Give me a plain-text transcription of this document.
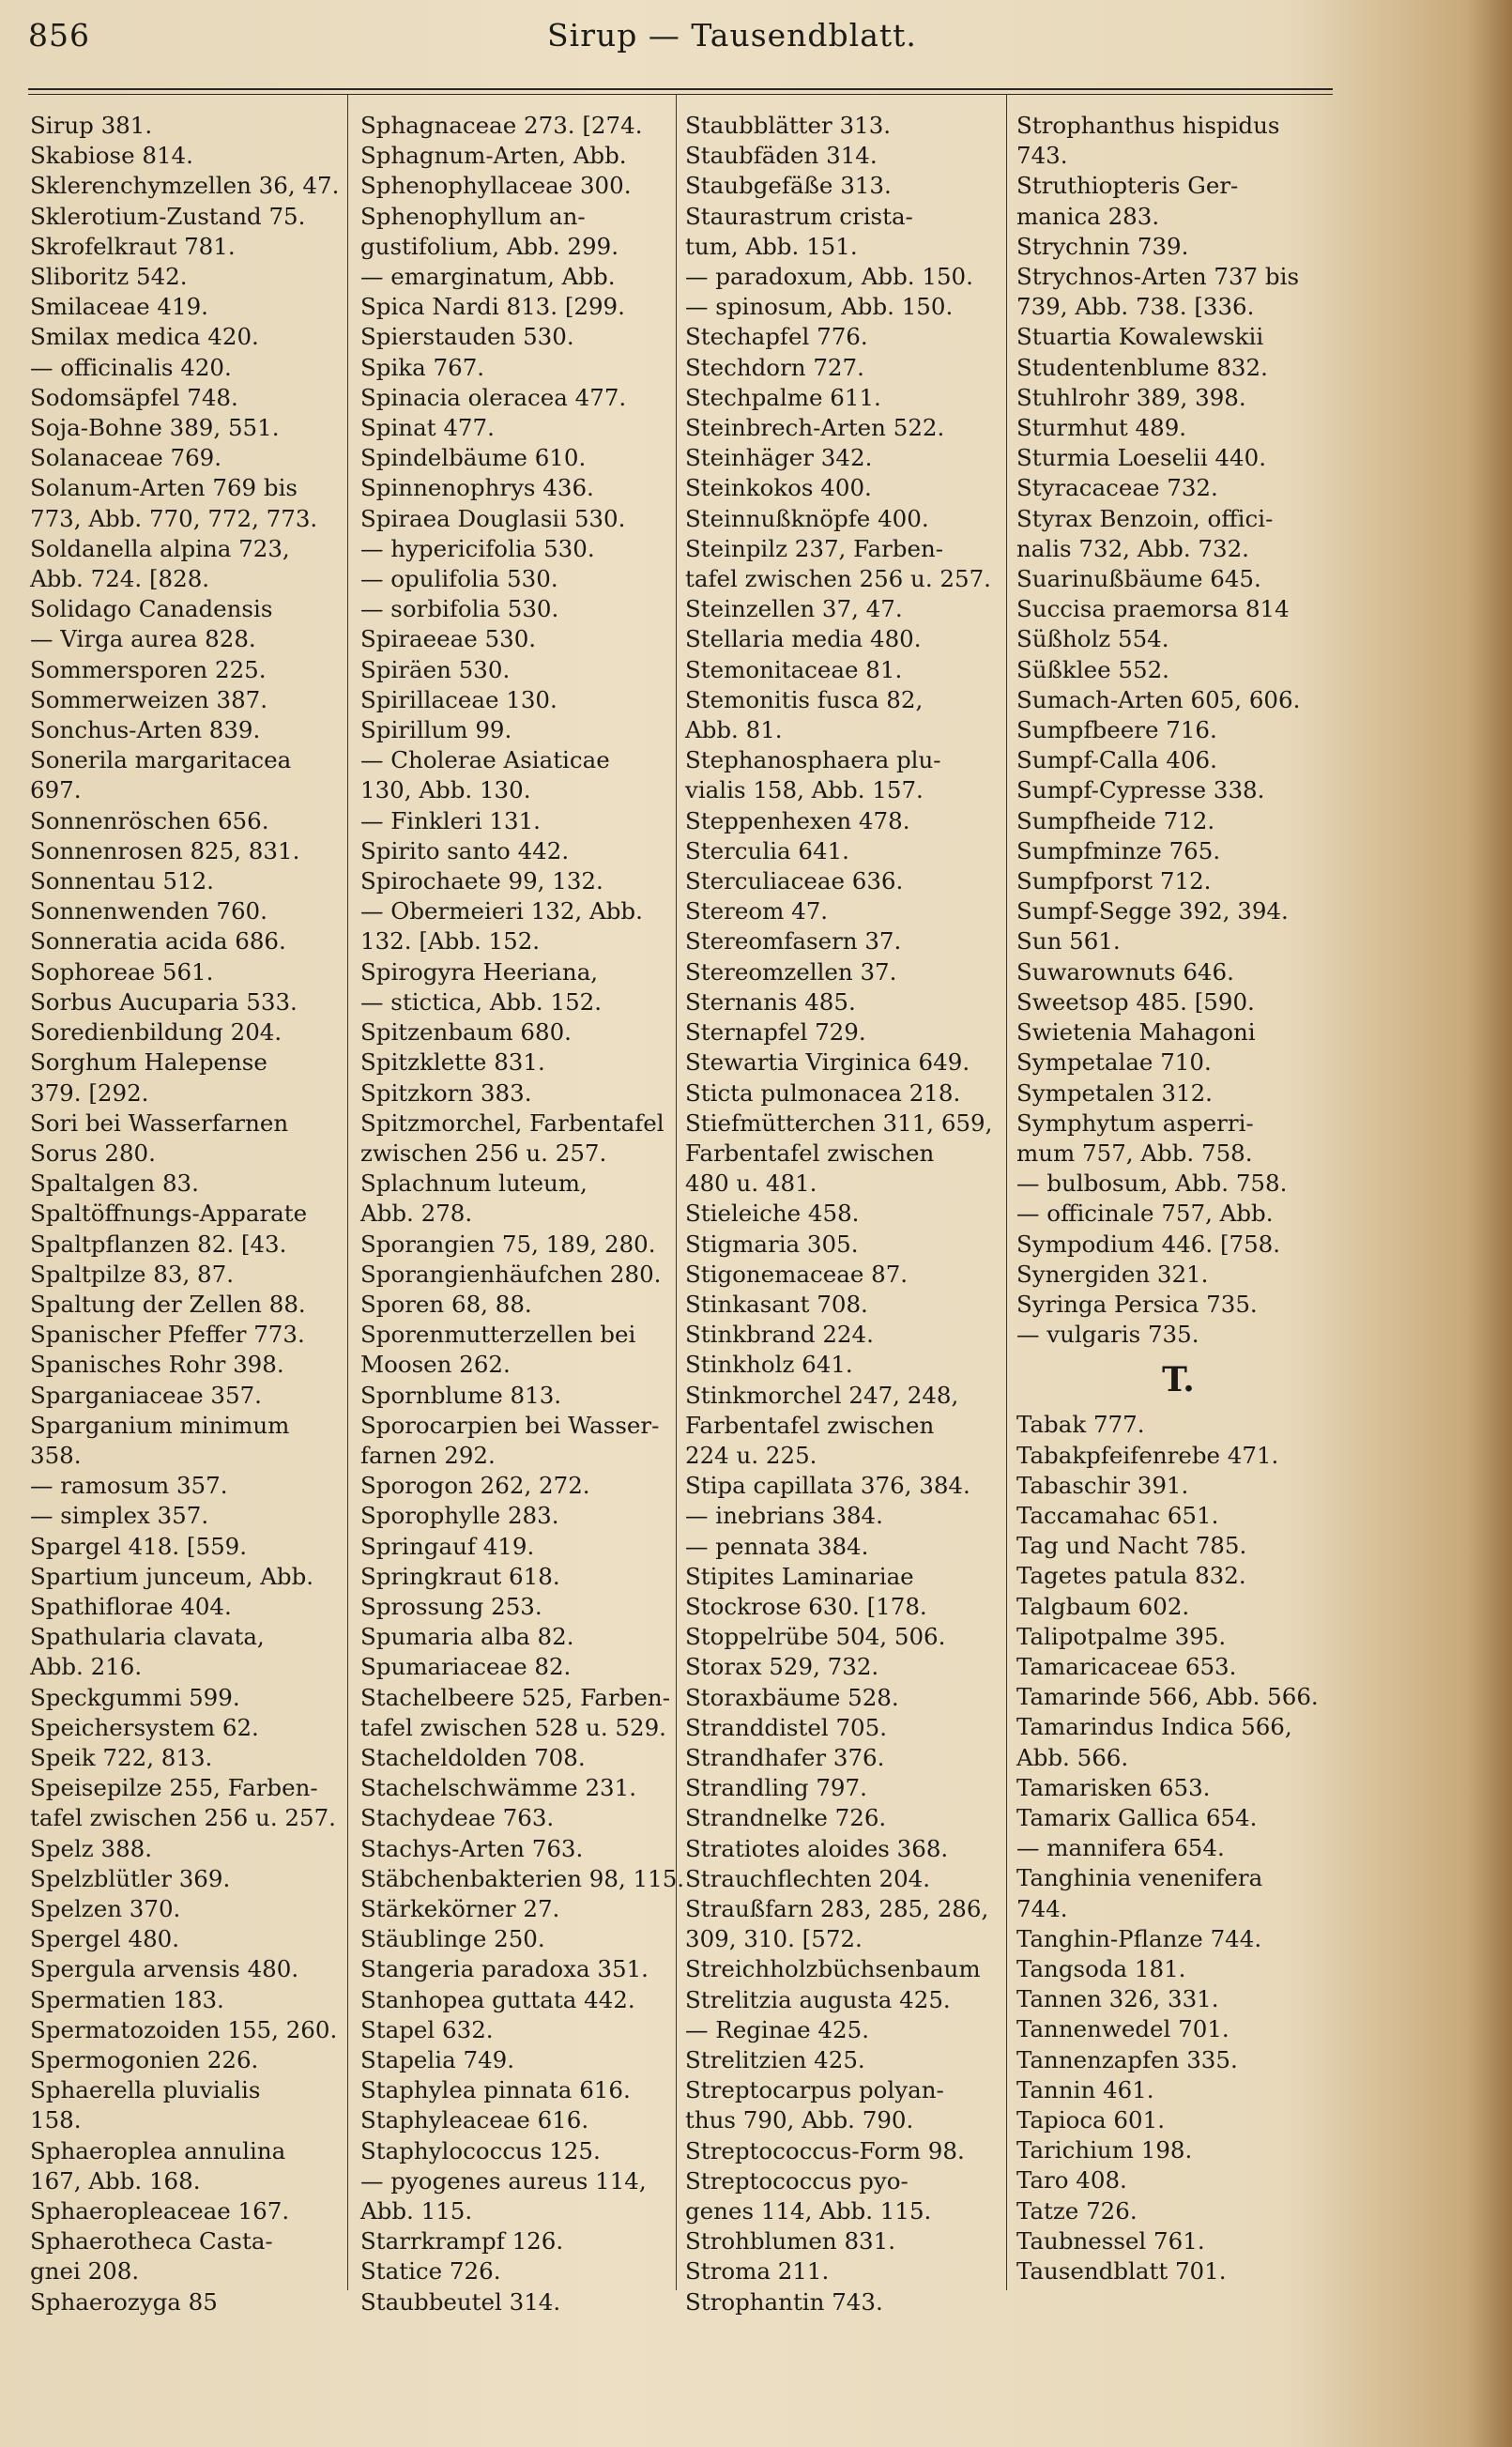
856	Sirup — Tausendblatt.
Sirup 381.
Skabiose 814.
Sklerenchymzellen 36, 47.
Sklerotium-Zustand 75.
Skrofelkraut 781.
Sliboritz 542.
Smilaceae 419.
Smilax medica 420.
— officinalis 420.
Sodomsäpfel 748.
Soja-Bohne 389, 551.
Solanaceae 769.
Solanum-Arten 769 bis
773, Abb. 770, 772, 773.
Soldanella alpina 723,
Abb. 724. [828.
Solidago Canadensis
— Virga aurea 828.
Sommersporen 225.
Sommerweizen 387.
Sonchus-Arten 839.
Sonerila margaritacea
697.
Sonnenröschen 656.
Sonnenrosen 825, 831.
Sonnentau 512.
Sonnenwenden 760.
Sonneratia acida 686.
Sophoreae 561.
Sorbus Aucuparia 533.
Soredienbildung 204.
Sorghum Halepense
379. [292.
Sori bei Wasserfarnen
Sorus 280.
Spaltalgen 83.
Spaltöffnungs-Apparate
Spaltpflanzen 82. [43.
Spaltpilze 83, 87.
Spaltung der Zellen 88.
Spanischer Pfeffer 773.
Spanisches Rohr 398.
Sparganiaceae 357.
Sparganium minimum
358.
— ramosum 357.
— simplex 357.
Spargel 418. [559.
Spartium junceum, Abb.
Spathiflorae 404.
Spathularia clavata,
Abb. 216.
Speckgummi 599.
Speichersystem 62.
Speik 722, 813.
Speisepilze 255, Farben-
tafel zwischen 256 u. 257.
Spelz 388.
Spelzblütler 369.
Spelzen 370.
Spergel 480.
Spergula arvensis 480.
Spermatien 183.
Spermatozoiden 155, 260.
Spermogonien 226.
Sphaerella pluvialis
158.
Sphaeroplea annulina
167, Abb. 168.
Sphaeropleaceae 167.
Sphaerotheca Casta-
gnei 208.
Sphaerozyga 85
Sphagnaceae 273. [274.
Sphagnum-Arten, Abb.
Sphenophyllaceae 300.
Sphenophyllum an-
gustifolium, Abb. 299.
— emarginatum, Abb.
Spica Nardi 813. [299.
Spierstauden 530.
Spika 767.
Spinacia oleracea 477.
Spinat 477.
Spindelbäume 610.
Spinnenophrys 436.
Spiraea Douglasii 530.
— hypericifolia 530.
— opulifolia 530.
— sorbifolia 530.
Spiraeeae 530.
Spiräen 530.
Spirillaceae 130.
Spirillum 99.
— Cholerae Asiaticae
130, Abb. 130.
— Finkleri 131.
Spirito santo 442.
Spirochaete 99, 132.
— Obermeieri 132, Abb.
132. [Abb. 152.
Spirogyra Heeriana,
— stictica, Abb. 152.
Spitzenbaum 680.
Spitzklette 831.
Spitzkorn 383.
Spitzmorchel, Farbentafel
zwischen 256 u. 257.
Splachnum luteum,
Abb. 278.
Sporangien 75, 189, 280.
Sporangienhäufchen 280.
Sporen 68, 88.
Sporenmutterzellen bei
Moosen 262.
Spornblume 813.
Sporocarpien bei Wasser-
farnen 292.
Sporogon 262, 272.
Sporophylle 283.
Springauf 419.
Springkraut 618.
Sprossung 253.
Spumaria alba 82.
Spumariaceae 82.
Stachelbeere 525, Farben-
tafel zwischen 528 u. 529.
Stacheldolden 708.
Stachelschwämme 231.
Stachydeae 763.
Stachys-Arten 763.
Stäbchenbakterien 98, 115.
Stärkekörner 27.
Stäublinge 250.
Stangeria paradoxa 351.
Stanhopea guttata 442.
Stapel 632.
Stapelia 749.
Staphylea pinnata 616.
Staphyleaceae 616.
Staphylococcus 125.
— pyogenes aureus 114,
Abb. 115.
Starrkrampf 126.
Statice 726.
Staubbeutel 314.
Staubblätter 313.
Staubfäden 314.
Staubgefäße 313.
Staurastrum crista-
tum, Abb. 151.
— paradoxum, Abb. 150.
— spinosum, Abb. 150.
Stechapfel 776.
Stechdorn 727.
Stechpalme 611.
Steinbrech-Arten 522.
Steinhäger 342.
Steinkokos 400.
Steinnußknöpfe 400.
Steinpilz 237, Farben-
tafel zwischen 256 u. 257.
Steinzellen 37, 47.
Stellaria media 480.
Stemonitaceae 81.
Stemonitis fusca 82,
Abb. 81.
Stephanosphaera plu-
vialis 158, Abb. 157.
Steppenhexen 478.
Sterculia 641.
Sterculiaceae 636.
Stereom 47.
Stereomfasern 37.
Stereomzellen 37.
Sternanis 485.
Sternapfel 729.
Stewartia Virginica 649.
Sticta pulmonacea 218.
Stiefmütterchen 311, 659,
Farbentafel zwischen
480 u. 481.
Stieleiche 458.
Stigmaria 305.
Stigonemaceae 87.
Stinkasant 708.
Stinkbrand 224.
Stinkholz 641.
Stinkmorchel 247, 248,
Farbentafel zwischen
224 u. 225.
Stipa capillata 376, 384.
— inebrians 384.
— pennata 384.
Stipites Laminariae
Stockrose 630. [178.
Stoppelrübe 504, 506.
Storax 529, 732.
Storaxbäume 528.
Stranddistel 705.
Strandhafer 376.
Strandling 797.
Strandnelke 726.
Stratiotes aloides 368.
Strauchflechten 204.
Straußfarn 283, 285, 286,
309, 310. [572.
Streichholzbüchsenbaum
Strelitzia augusta 425.
— Reginae 425.
Strelitzien 425.
Streptocarpus polyan-
thus 790, Abb. 790.
Streptococcus-Form 98.
Streptococcus pyo-
genes 114, Abb. 115.
Strohblumen 831.
Stroma 211.
Strophantin 743.
Strophanthus hispidus
743.
Struthiopteris Ger-
manica 283.
Strychnin 739.
Strychnos-Arten 737 bis
739, Abb. 738. [336.
Stuartia Kowalewskii
Studentenblume 832.
Stuhlrohr 389, 398.
Sturmhut 489.
Sturmia Loeselii 440.
Styracaceae 732.
Styrax Benzoin, offici-
nalis 732, Abb. 732.
Suarinußbäume 645.
Succisa praemorsa 814
Süßholz 554.
Süßklee 552.
Sumach-Arten 605, 606.
Sumpfbeere 716.
Sumpf-Calla 406.
Sumpf-Cypresse 338.
Sumpfheide 712.
Sumpfminze 765.
Sumpfporst 712.
Sumpf-Segge 392, 394.
Sun 561.
Suwarownuts 646.
Sweetsop 485. [590.
Swietenia Mahagoni
Sympetalae 710.
Sympetalen 312.
Symphytum asperri-
mum 757, Abb. 758.
— bulbosum, Abb. 758.
— officinale 757, Abb.
Sympodium 446. [758.
Synergiden 321.
Syringa Persica 735.
— vulgaris 735.
T.
Tabak 777.
Tabakpfeifenrebe 471.
Tabaschir 391.
Taccamahac 651.
Tag und Nacht 785.
Tagetes patula 832.
Talgbaum 602.
Talipotpalme 395.
Tamaricaceae 653.
Tamarinde 566, Abb. 566.
Tamarindus Indica 566,
Abb. 566.
Tamarisken 653.
Tamarix Gallica 654.
— mannifera 654.
Tanghinia venenifera
744.
Tanghin-Pflanze 744.
Tangsoda 181.
Tannen 326, 331.
Tannenwedel 701.
Tannenzapfen 335.
Tannin 461.
Tapioca 601.
Tarichium 198.
Taro 408.
Tatze 726.
Taubnessel 761.
Tausendblatt 701.
